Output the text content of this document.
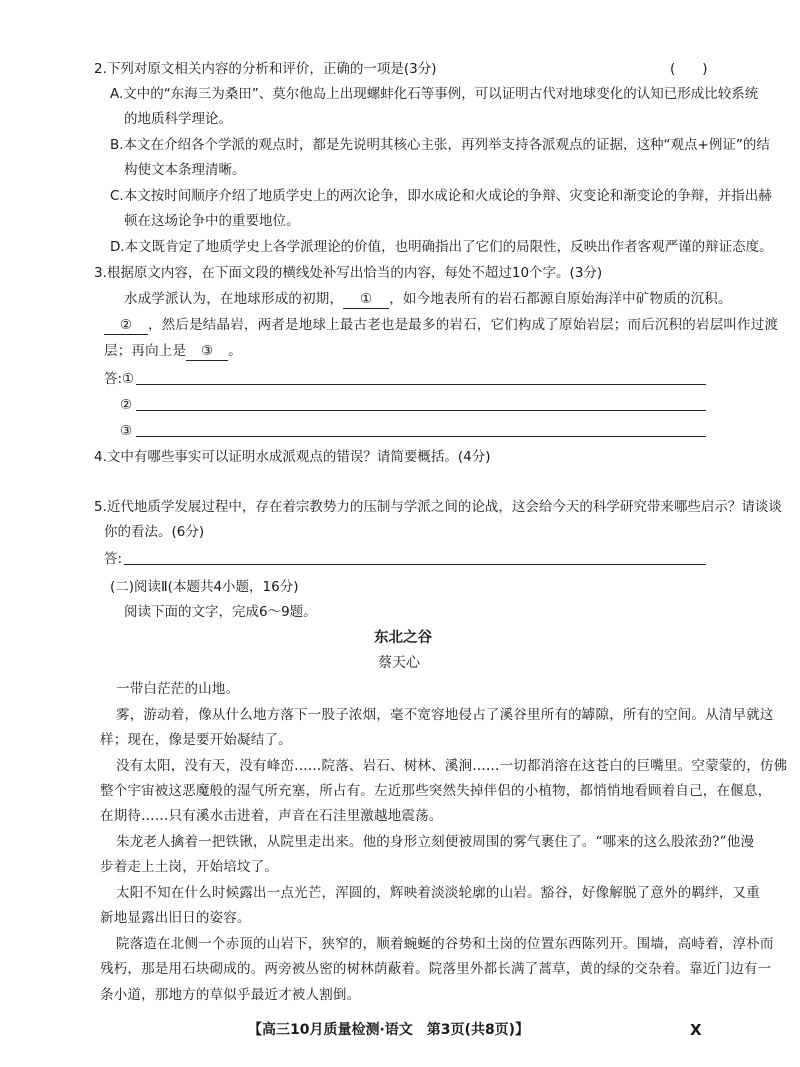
2.下列对原文相关内容的分析和评价，正确的一项是(3分)	(　　)
A.文中的“东海三为桑田”、莫尔他岛上出现螺蚌化石等事例，可以证明古代对地球变化的认知已形成比较系统
的地质科学理论。
B.本文在介绍各个学派的观点时，都是先说明其核心主张，再列举支持各派观点的证据，这种“观点+例证”的结
构使文本条理清晰。
C.本文按时间顺序介绍了地质学史上的两次论争，即水成论和火成论的争辩、灾变论和渐变论的争辩，并指出赫
顿在这场论争中的重要地位。
D.本文既肯定了地质学史上各学派理论的价值，也明确指出了它们的局限性，反映出作者客观严谨的辩证态度。
3.根据原文内容，在下面文段的横线处补写出恰当的内容，每处不超过10个字。(3分)
水成学派认为，在地球形成的初期， ① ，如今地表所有的岩石都源自原始海洋中矿物质的沉积。
② ，然后是结晶岩，两者是地球上最古老也是最多的岩石，它们构成了原始岩层；而后沉积的岩层叫作过渡
层；再向上是 ③ 。
答:①
②
③
4.文中有哪些事实可以证明水成派观点的错误？请简要概括。(4分)
5.近代地质学发展过程中，存在着宗教势力的压制与学派之间的论战，这会给今天的科学研究带来哪些启示？请谈谈
你的看法。(6分)
答:
(二)阅读Ⅱ(本题共4小题，16分)
阅读下面的文字，完成6～9题。
东北之谷
蔡天心
一带白茫茫的山地。
雾，游动着，像从什么地方落下一股子浓烟，毫不宽容地侵占了溪谷里所有的罅隙，所有的空间。从清早就这
样；现在，像是要开始凝结了。
没有太阳，没有天，没有峰峦……院落、岩石、树林、溪涧……一切都消溶在这苍白的巨嘴里。空蒙蒙的，仿佛
整个宇宙被这恶魔般的湿气所充塞，所占有。左近那些突然失掉伴侣的小植物，都悄悄地看顾着自己，在偃息，
在期待……只有溪水击进着，声音在石洼里激越地震荡。
朱龙老人擒着一把铁锹，从院里走出来。他的身形立刻便被周围的雾气裹住了。“哪来的这么股浓劲?”他漫
步着走上土岗，开始培坟了。
太阳不知在什么时候露出一点光芒，浑圆的，辉映着淡淡轮廓的山岩。豁谷，好像解脱了意外的羁绊，又重
新地显露出旧日的姿容。
院落造在北侧一个赤顶的山岩下，狭窄的，顺着蜿蜒的谷势和土岗的位置东西陈列开。围墙，高峙着，淳朴而
残朽，那是用石块砌成的。两旁被丛密的树林荫蔽着。院落里外都长满了蒿草，黄的绿的交杂着。靠近门边有一
条小道，那地方的草似乎最近才被人割倒。
【高三10月质量检测·语文　第3页(共8页)】	X
